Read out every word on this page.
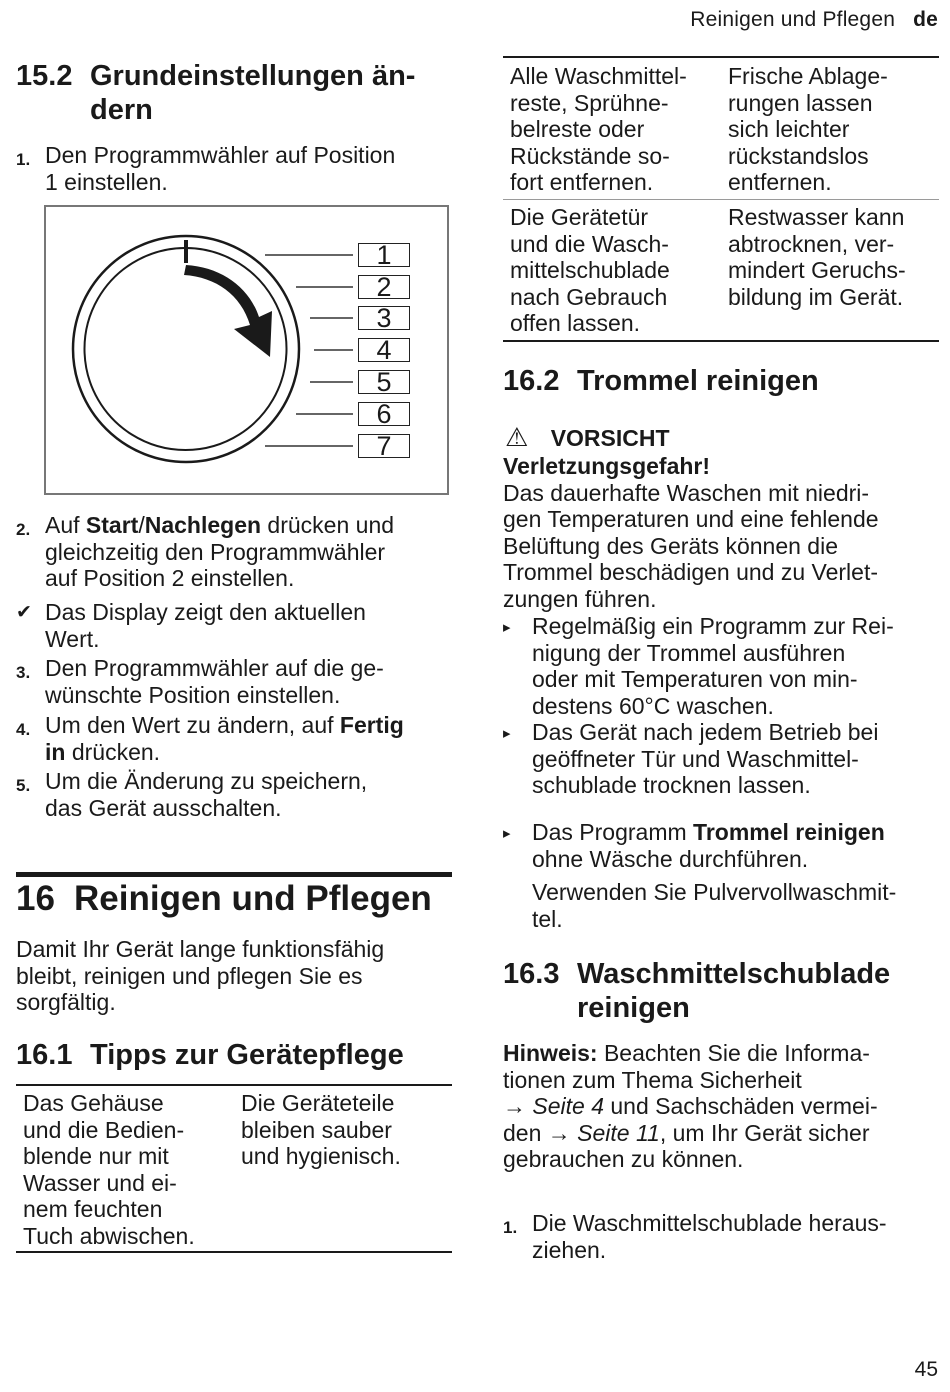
Reinigen und Pflegen de
15.2 Grundeinstellungen än-
dern
1. Den Programmwähler auf Position
1 einstellen.
1
2
3
4
5
6
7
2. Auf Start/Nachlegen drücken und
gleichzeitig den Programmwähler
auf Position 2 einstellen.
✔ Das Display zeigt den aktuellen
Wert.
3. Den Programmwähler auf die ge-
wünschte Position einstellen.
4. Um den Wert zu ändern, auf Fertig
in drücken.
5. Um die Änderung zu speichern,
das Gerät ausschalten.
16 Reinigen und Pflegen
Damit Ihr Gerät lange funktionsfähig
bleibt, reinigen und pflegen Sie es
sorgfältig.
16.1 Tipps zur Gerätepflege
Das Gehäuse
und die Bedien-
blende nur mit
Wasser und ei-
nem feuchten
Tuch abwischen.
Die Geräteteile
bleiben sauber
und hygienisch.
Alle Waschmittel-
reste, Sprühne-
belreste oder
Rückstände so-
fort entfernen.
Frische Ablage-
rungen lassen
sich leichter
rückstandslos
entfernen.
Die Gerätetür
und die Wasch-
mittelschublade
nach Gebrauch
offen lassen.
Restwasser kann
abtrocknen, ver-
mindert Geruchs-
bildung im Gerät.
16.2 Trommel reinigen
⚠ VORSICHT
Verletzungsgefahr!
Das dauerhafte Waschen mit niedri-
gen Temperaturen und eine fehlende
Belüftung des Geräts können die
Trommel beschädigen und zu Verlet-
zungen führen.
▸ Regelmäßig ein Programm zur Rei-
nigung der Trommel ausführen
oder mit Temperaturen von min-
destens 60°C waschen.
▸ Das Gerät nach jedem Betrieb bei
geöffneter Tür und Waschmittel-
schublade trocknen lassen.
▸ Das Programm Trommel reinigen
ohne Wäsche durchführen.
Verwenden Sie Pulvervollwaschmit-
tel.
16.3 Waschmittelschublade
reinigen
Hinweis: Beachten Sie die Informa-
tionen zum Thema Sicherheit
→ Seite 4 und Sachschäden vermei-
den → Seite 11, um Ihr Gerät sicher
gebrauchen zu können.
1. Die Waschmittelschublade heraus-
ziehen.
45
